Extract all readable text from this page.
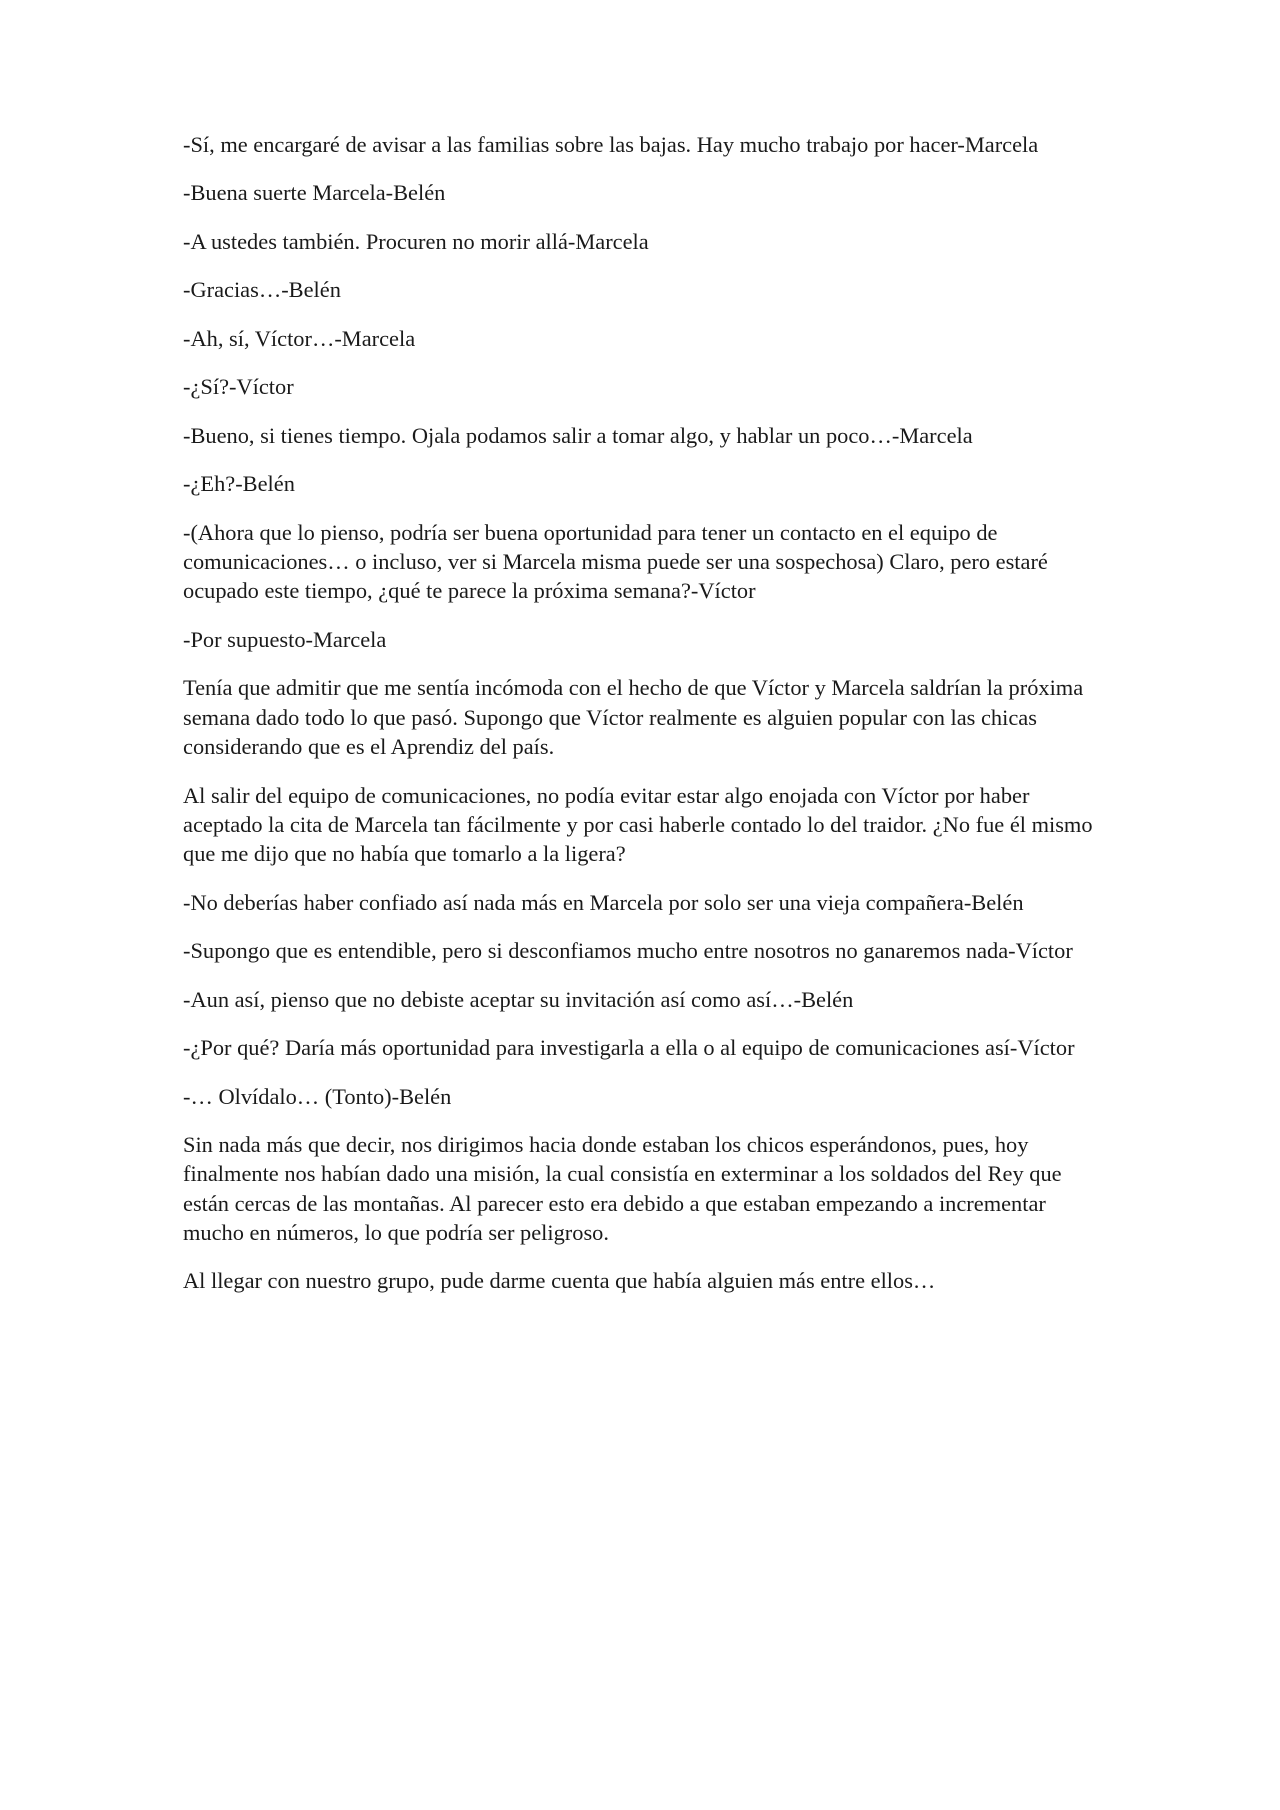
-Sí, me encargaré de avisar a las familias sobre las bajas. Hay mucho trabajo por hacer-Marcela

-Buena suerte Marcela-Belén

-A ustedes también. Procuren no morir allá-Marcela

-Gracias…-Belén

-Ah, sí, Víctor…-Marcela

-¿Sí?-Víctor

-Bueno, si tienes tiempo. Ojala podamos salir a tomar algo, y hablar un poco…-Marcela

-¿Eh?-Belén

-(Ahora que lo pienso, podría ser buena oportunidad para tener un contacto en el equipo de comunicaciones… o incluso, ver si Marcela misma puede ser una sospechosa) Claro, pero estaré ocupado este tiempo, ¿qué te parece la próxima semana?-Víctor

-Por supuesto-Marcela

Tenía que admitir que me sentía incómoda con el hecho de que Víctor y Marcela saldrían la próxima semana dado todo lo que pasó. Supongo que Víctor realmente es alguien popular con las chicas considerando que es el Aprendiz del país.

Al salir del equipo de comunicaciones, no podía evitar estar algo enojada con Víctor por haber aceptado la cita de Marcela tan fácilmente y por casi haberle contado lo del traidor. ¿No fue él mismo que me dijo que no había que tomarlo a la ligera?

-No deberías haber confiado así nada más en Marcela por solo ser una vieja compañera-Belén

-Supongo que es entendible, pero si desconfiamos mucho entre nosotros no ganaremos nada-Víctor

-Aun así, pienso que no debiste aceptar su invitación así como así…-Belén

-¿Por qué? Daría más oportunidad para investigarla a ella o al equipo de comunicaciones así-Víctor

-… Olvídalo… (Tonto)-Belén

Sin nada más que decir, nos dirigimos hacia donde estaban los chicos esperándonos, pues, hoy finalmente nos habían dado una misión, la cual consistía en exterminar a los soldados del Rey que están cercas de las montañas. Al parecer esto era debido a que estaban empezando a incrementar mucho en números, lo que podría ser peligroso.

Al llegar con nuestro grupo, pude darme cuenta que había alguien más entre ellos…
